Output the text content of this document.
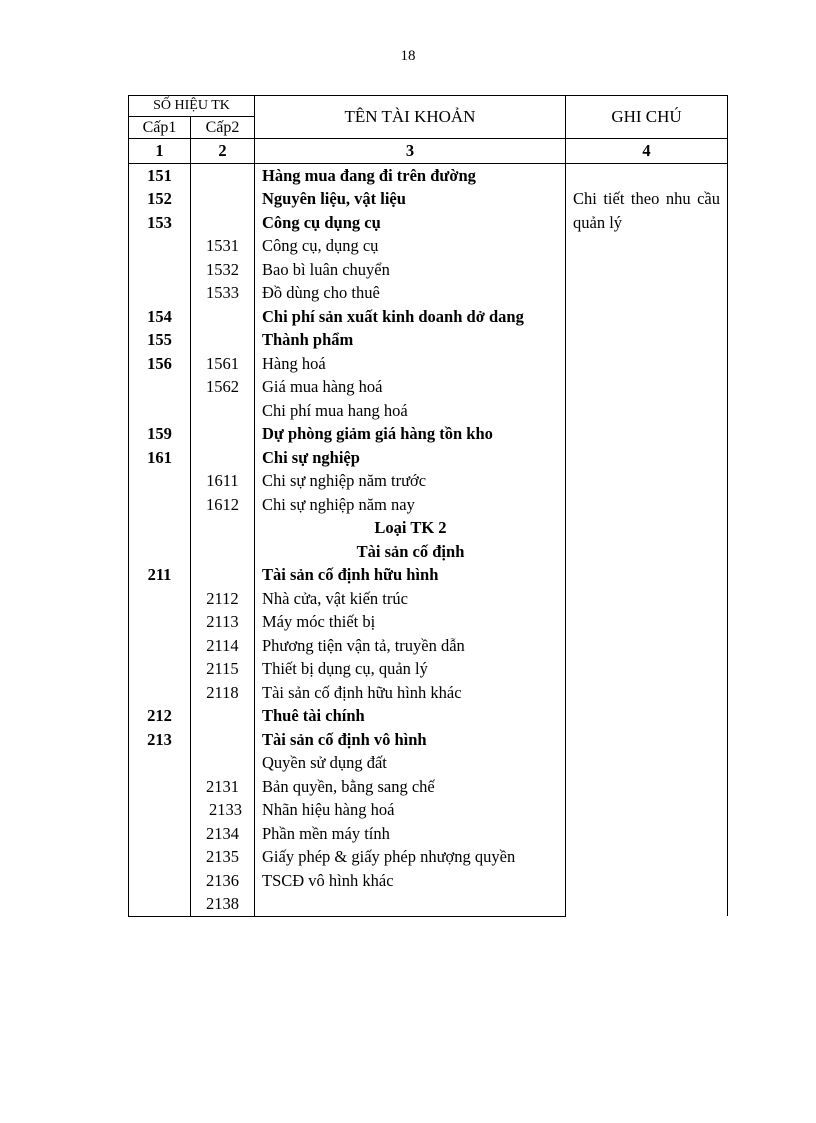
18
SỐ HIỆU TK		TÊN TÀI KHOẢN	GHI CHÚ
Cấp1	Cấp2		
1	2	3	4
151		Hàng mua đang đi trên đường	Chi tiết theo nhu cầu quản lý

152		Nguyên liệu, vật liệu	

153		Công cụ dụng cụ	
	1531	Công cụ, dụng cụ	
	1532	Bao bì luân chuyển	
	1533	Đồ dùng cho thuê	
154		Chi phí sản xuất kinh doanh dở dang	
155		Thành phẩm	
156	1561	Hàng hoá	
	1562	Giá mua hàng hoá	
		Chi phí mua hang hoá	
159		Dự phòng giảm giá hàng tồn kho	
161		Chi sự nghiệp	
	1611	Chi sự nghiệp năm trước	
	1612	Chi sự nghiệp năm nay	
		Loại TK 2	
		Tài sản cố định	
211		Tài sản cố định hữu hình	
	2112	Nhà cửa, vật kiến trúc	
	2113	Máy móc thiết bị	
	2114	Phương tiện vận tả, truyền dẫn	
	2115	Thiết bị dụng cụ, quản lý	
	2118	Tài sản cố định hữu hình khác	
212		Thuê tài chính	
213		Tài sản cố định vô hình	
		Quyền sử dụng đất	
	2131	Bản quyền, bằng sang chế	
	2133	Nhãn hiệu hàng hoá	
	2134	Phần mền máy tính	
	2135	Giấy phép & giấy phép nhượng quyền	
	2136	TSCĐ vô hình khác	
	2138		
